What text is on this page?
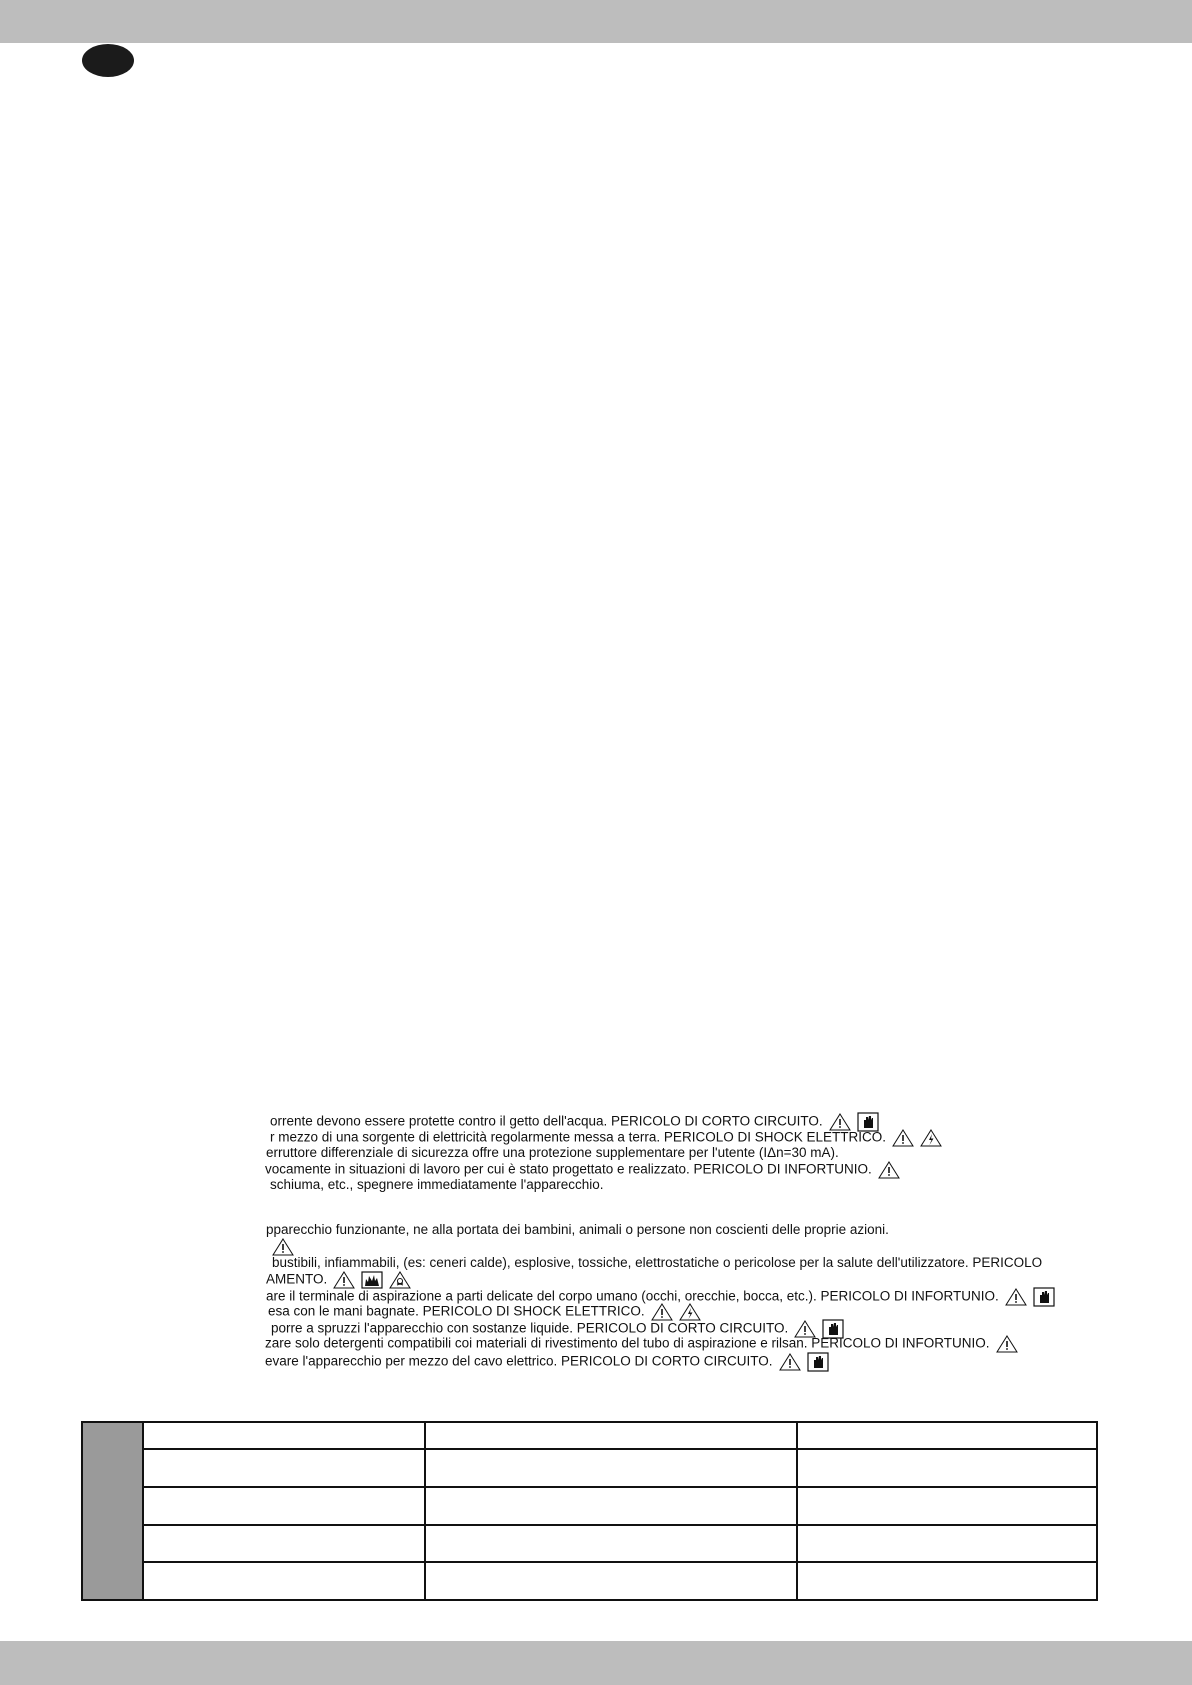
orrente devono essere protette contro il getto dell'acqua. PERICOLO DI CORTO CIRCUITO.
r mezzo di una sorgente di elettricità regolarmente messa a terra. PERICOLO DI SHOCK ELETTRICO.
erruttore differenziale di sicurezza offre una protezione supplementare per l'utente (IΔn=30 mA).
vocamente in situazioni di lavoro per cui è stato progettato e realizzato. PERICOLO DI INFORTUNIO.
schiuma, etc., spegnere immediatamente l'apparecchio.
pparecchio funzionante, ne alla portata dei bambini, animali o persone non coscienti delle proprie azioni.
bustibili, infiammabili, (es: ceneri calde), esplosive, tossiche, elettrostatiche o pericolose per la salute dell'utilizzatore. PERICOLO
AMENTO.
are il terminale di aspirazione a parti delicate del corpo umano (occhi, orecchie, bocca, etc.). PERICOLO DI INFORTUNIO.
esa con le mani bagnate. PERICOLO DI SHOCK ELETTRICO.
porre a spruzzi l'apparecchio con sostanze liquide. PERICOLO DI CORTO CIRCUITO.
zare solo detergenti compatibili coi materiali di rivestimento del tubo di aspirazione e rilsan. PERICOLO DI INFORTUNIO.
evare l'apparecchio per mezzo del cavo elettrico. PERICOLO DI CORTO CIRCUITO.
